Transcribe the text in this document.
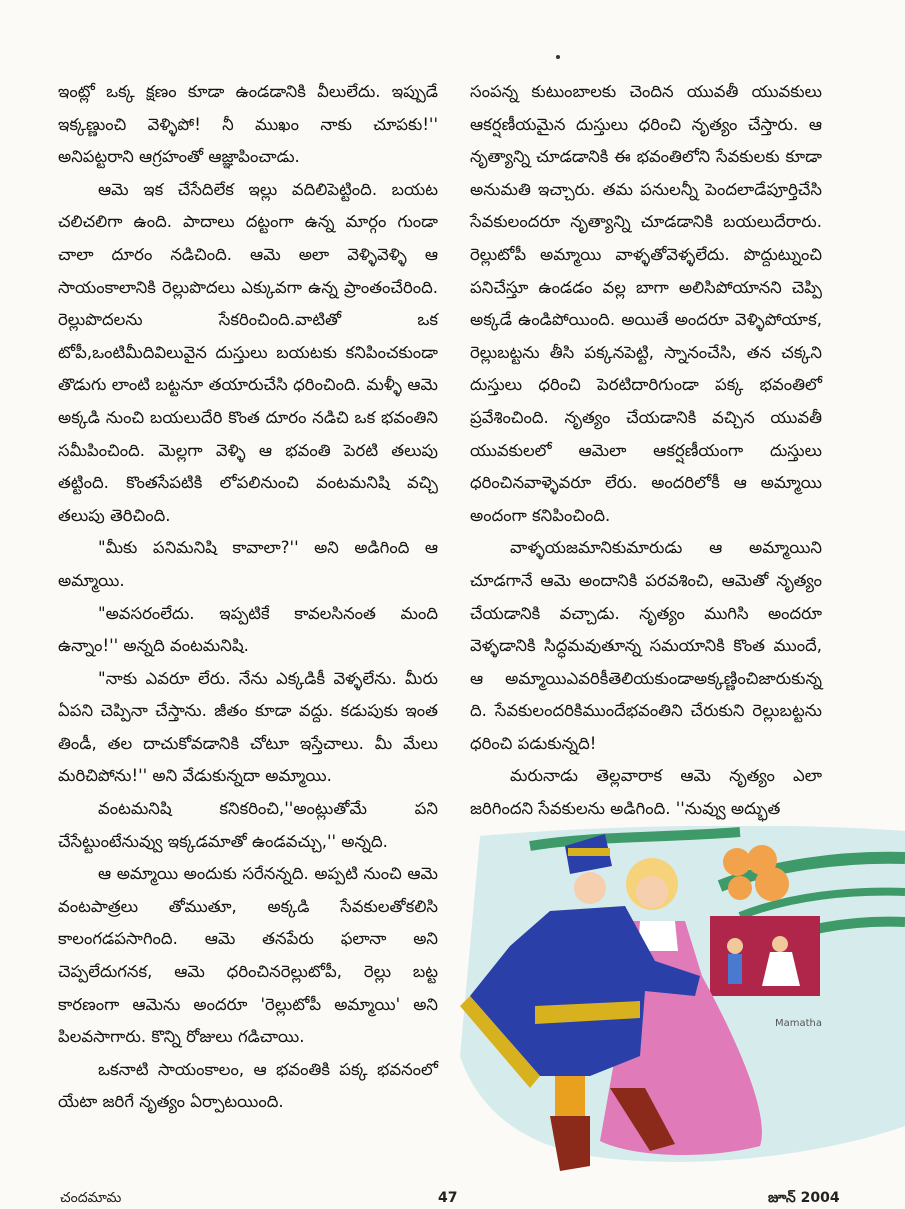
ఇంట్లో ఒక్క క్షణం కూడా ఉండడానికి వీలులేదు. ఇప్పుడే ఇక్కణ్ణుంచి వెళ్ళిపో! నీ ముఖం నాకు చూపకు!'' అనిపట్టరాని ఆగ్రహంతో ఆజ్ఞాపించాడు.

ఆమె ఇక చేసేదిలేక ఇల్లు వదిలిపెట్టింది. బయట చలిచలిగా ఉంది. పాదాలు దట్టంగా ఉన్న మార్గం గుండా చాలా దూరం నడిచింది. ఆమె అలా వెళ్ళివెళ్ళి ఆ సాయంకాలానికి రెల్లుపొదలు ఎక్కువగా ఉన్న ప్రాంతంచేరింది. రెల్లుపొదలను సేకరించింది.వాటితో ఒక టోపీ,ఒంటిమీదివిలువైన దుస్తులు బయటకు కనిపించకుండా తొడుగు లాంటి బట్టనూ తయారుచేసి ధరించింది. మళ్ళీ ఆమె అక్కడి నుంచి బయలుదేరి కొంత దూరం నడిచి ఒక భవంతిని సమీపించింది. మెల్లగా వెళ్ళి ఆ భవంతి పెరటి తలుపు తట్టింది. కొంతసేపటికి లోపలినుంచి వంటమనిషి వచ్చి తలుపు తెరిచింది.

"మీకు పనిమనిషి కావాలా?'' అని అడిగింది ఆ అమ్మాయి.

"అవసరంలేదు. ఇప్పటికే కావలసినంత మంది ఉన్నాం!'' అన్నది వంటమనిషి.

"నాకు ఎవరూ లేరు. నేను ఎక్కడికీ వెళ్ళలేను. మీరు ఏపని చెప్పినా చేస్తాను. జీతం కూడా వద్దు. కడుపుకు ఇంత తిండీ, తల దాచుకోవడానికి చోటూ ఇస్తేచాలు. మీ మేలు మరిచిపోను!'' అని వేడుకున్నదా అమ్మాయి.

వంటమనిషి కనికరించి,''అంట్లుతోమే పని చేసేట్టుంటేనువ్వు ఇక్కడమాతో ఉండవచ్చు,'' అన్నది.

ఆ అమ్మాయి అందుకు సరేనన్నది. అప్పటి నుంచి ఆమె వంటపాత్రలు తోముతూ, అక్కడి సేవకులతోకలిసి కాలంగడపసాగింది. ఆమె తనపేరు ఫలానా అని చెప్పలేదుగనక, ఆమె ధరించినరెల్లుటోపీ, రెల్లు బట్ట కారణంగా ఆమెను అందరూ 'రెల్లుటోపీ అమ్మాయి' అని పిలవసాగారు. కొన్ని రోజులు గడిచాయి.

ఒకనాటి సాయంకాలం, ఆ భవంతికి పక్క భవనంలో యేటా జరిగే నృత్యం ఏర్పాటయింది.

సంపన్న కుటుంబాలకు చెందిన యువతీ యువకులు ఆకర్షణీయమైన దుస్తులు ధరించి నృత్యం చేస్తారు. ఆ నృత్యాన్ని చూడడానికి ఈ భవంతిలోని సేవకులకు కూడా అనుమతి ఇచ్చారు. తమ పనులన్నీ పెందలాడేపూర్తిచేసి సేవకులందరూ నృత్యాన్ని చూడడానికి బయలుదేరారు. రెల్లుటోపీ అమ్మాయి వాళ్ళతోవెళ్ళలేదు. పొద్దుట్నుంచి పనిచేస్తూ ఉండడం వల్ల బాగా అలిసిపోయానని చెప్పి అక్కడే ఉండిపోయింది. అయితే అందరూ వెళ్ళిపోయాక, రెల్లుబట్టను తీసి పక్కనపెట్టి, స్నానంచేసి, తన చక్కని దుస్తులు ధరించి పెరటిదారిగుండా పక్క భవంతిలో ప్రవేశించింది. నృత్యం చేయడానికి వచ్చిన యువతీ యువకులలో ఆమెలా ఆకర్షణీయంగా దుస్తులు ధరించినవాళ్ళెవరూ లేరు. అందరిలోకీ ఆ అమ్మాయి అందంగా కనిపించింది.

వాళ్ళయజమానికుమారుడు ఆ అమ్మాయిని చూడగానే ఆమె అందానికి పరవశించి, ఆమెతో నృత్యం చేయడానికి వచ్చాడు. నృత్యం ముగిసి అందరూ వెళ్ళడానికి సిద్ధమవుతూన్న సమయానికి కొంత ముందే, ఆ అమ్మాయిఎవరికీతెలియకుండాఅక్కణ్ణించిజారుకున్న ది. సేవకులందరికిముందేభవంతిని చేరుకుని రెల్లుబట్టను ధరించి పడుకున్నది!

మరునాడు తెల్లవారాక ఆమె నృత్యం ఎలా జరిగిందని సేవకులను అడిగింది. ''నువ్వు అద్భుత

Mamatha
చందమామ	47	జూన్ 2004
